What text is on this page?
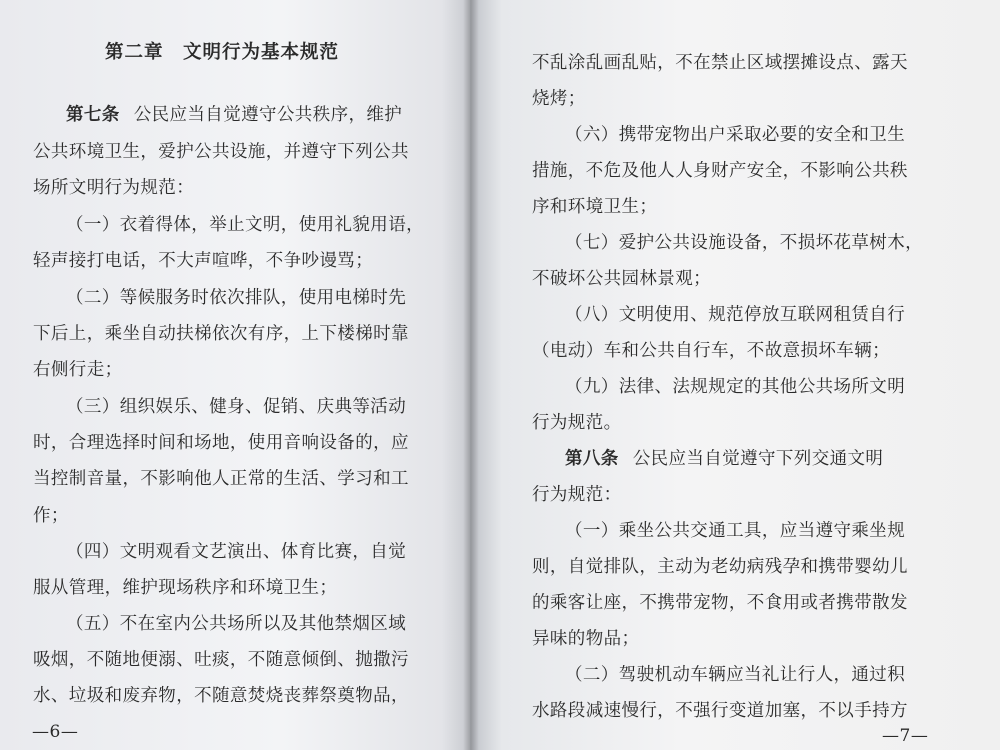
第二章　文明行为基本规范
第七条 公民应当自觉遵守公共秩序，维护
公共环境卫生，爱护公共设施，并遵守下列公共
场所文明行为规范：
（一）衣着得体，举止文明，使用礼貌用语，
轻声接打电话，不大声喧哗，不争吵谩骂；
（二）等候服务时依次排队，使用电梯时先
下后上，乘坐自动扶梯依次有序，上下楼梯时靠
右侧行走；
（三）组织娱乐、健身、促销、庆典等活动
时，合理选择时间和场地，使用音响设备的，应
当控制音量，不影响他人正常的生活、学习和工
作；
（四）文明观看文艺演出、体育比赛，自觉
服从管理，维护现场秩序和环境卫生；
（五）不在室内公共场所以及其他禁烟区域
吸烟，不随地便溺、吐痰，不随意倾倒、抛撒污
水、垃圾和废弃物，不随意焚烧丧葬祭奠物品，
—6—
不乱涂乱画乱贴，不在禁止区域摆摊设点、露天
烧烤；
（六）携带宠物出户采取必要的安全和卫生
措施，不危及他人人身财产安全，不影响公共秩
序和环境卫生；
（七）爱护公共设施设备，不损坏花草树木，
不破坏公共园林景观；
（八）文明使用、规范停放互联网租赁自行
（电动）车和公共自行车，不故意损坏车辆；
（九）法律、法规规定的其他公共场所文明
行为规范。
第八条 公民应当自觉遵守下列交通文明
行为规范：
（一）乘坐公共交通工具，应当遵守乘坐规
则，自觉排队，主动为老幼病残孕和携带婴幼儿
的乘客让座，不携带宠物，不食用或者携带散发
异味的物品；
（二）驾驶机动车辆应当礼让行人，通过积
水路段减速慢行，不强行变道加塞，不以手持方
—7—
